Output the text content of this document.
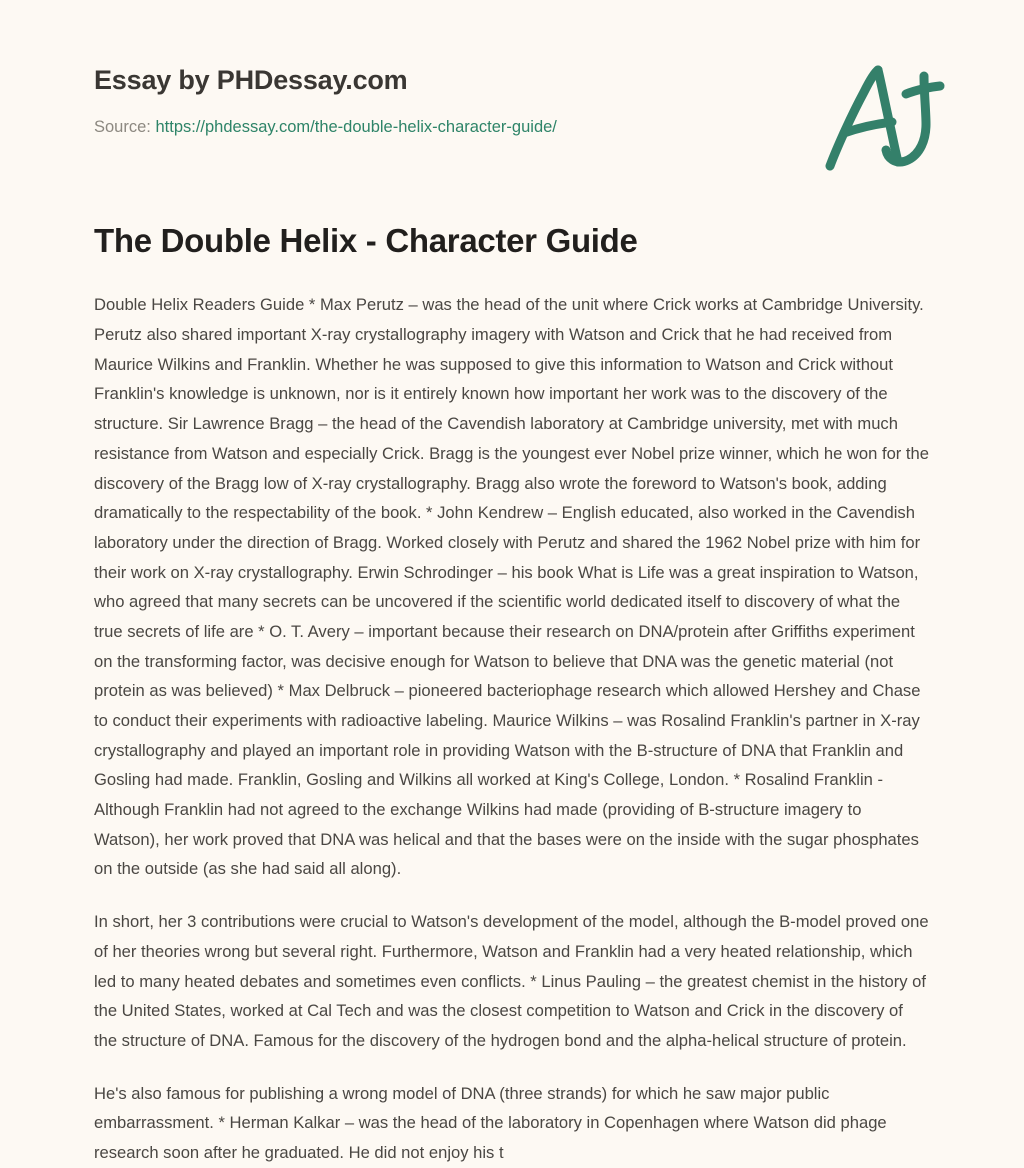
Essay by PHDessay.com
Source: https://phdessay.com/the-double-helix-character-guide/
The Double Helix - Character Guide

Double Helix Readers Guide * Max Perutz – was the head of the unit where Crick works at Cambridge University. Perutz also shared important X-ray crystallography imagery with Watson and Crick that he had received from Maurice Wilkins and Franklin. Whether he was supposed to give this information to Watson and Crick without Franklin's knowledge is unknown, nor is it entirely known how important her work was to the discovery of the structure. Sir Lawrence Bragg – the head of the Cavendish laboratory at Cambridge university, met with much resistance from Watson and especially Crick. Bragg is the youngest ever Nobel prize winner, which he won for the discovery of the Bragg low of X-ray crystallography. Bragg also wrote the foreword to Watson's book, adding dramatically to the respectability of the book. * John Kendrew – English educated, also worked in the Cavendish laboratory under the direction of Bragg. Worked closely with Perutz and shared the 1962 Nobel prize with him for their work on X-ray crystallography. Erwin Schrodinger – his book What is Life was a great inspiration to Watson, who agreed that many secrets can be uncovered if the scientific world dedicated itself to discovery of what the true secrets of life are * O. T. Avery – important because their research on DNA/protein after Griffiths experiment on the transforming factor, was decisive enough for Watson to believe that DNA was the genetic material (not protein as was believed) * Max Delbruck – pioneered bacteriophage research which allowed Hershey and Chase to conduct their experiments with radioactive labeling. Maurice Wilkins – was Rosalind Franklin's partner in X-ray crystallography and played an important role in providing Watson with the B-structure of DNA that Franklin and Gosling had made. Franklin, Gosling and Wilkins all worked at King's College, London. * Rosalind Franklin - Although Franklin had not agreed to the exchange Wilkins had made (providing of B-structure imagery to Watson), her work proved that DNA was helical and that the bases were on the inside with the sugar phosphates on the outside (as she had said all along).

In short, her 3 contributions were crucial to Watson's development of the model, although the B-model proved one of her theories wrong but several right. Furthermore, Watson and Franklin had a very heated relationship, which led to many heated debates and sometimes even conflicts. * Linus Pauling – the greatest chemist in the history of the United States, worked at Cal Tech and was the closest competition to Watson and Crick in the discovery of the structure of DNA. Famous for the discovery of the hydrogen bond and the alpha-helical structure of protein.

He's also famous for publishing a wrong model of DNA (three strands) for which he saw major public embarrassment. * Herman Kalkar – was the head of the laboratory in Copenhagen where Watson did phage research soon after he graduated. He did not enjoy his t
